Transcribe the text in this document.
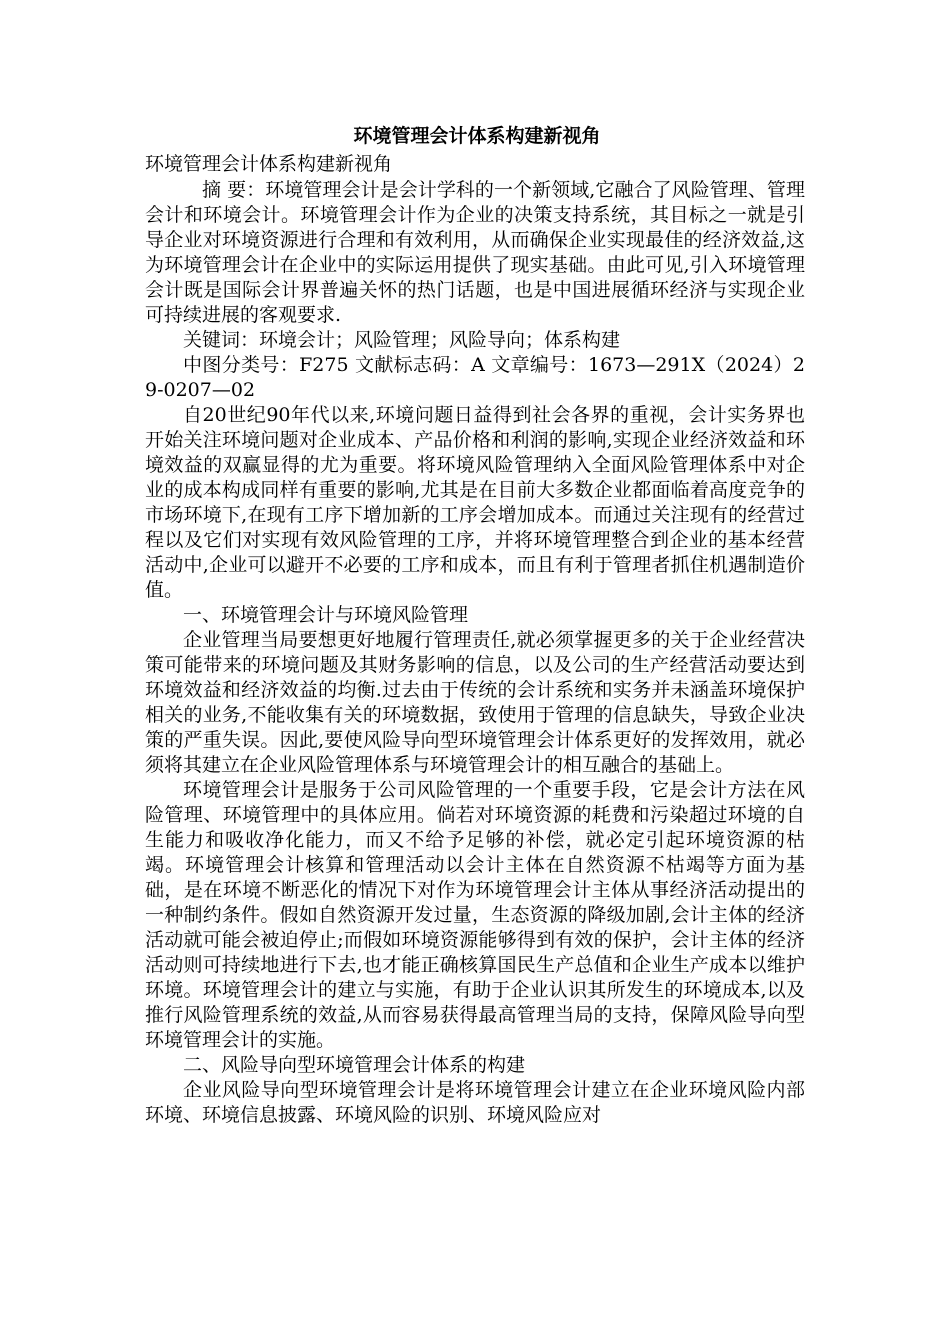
环境管理会计体系构建新视角

环境管理会计体系构建新视角

摘 要：环境管理会计是会计学科的一个新领域,它融合了风险管理、管理会计和环境会计。环境管理会计作为企业的决策支持系统，其目标之一就是引导企业对环境资源进行合理和有效利用，从而确保企业实现最佳的经济效益,这为环境管理会计在企业中的实际运用提供了现实基础。由此可见,引入环境管理会计既是国际会计界普遍关怀的热门话题，也是中国进展循环经济与实现企业可持续进展的客观要求.

关键词：环境会计；风险管理；风险导向；体系构建

中图分类号：F275 文献标志码：A 文章编号：1673—291X（2024）29-0207—02

自20世纪90年代以来,环境问题日益得到社会各界的重视，会计实务界也开始关注环境问题对企业成本、产品价格和利润的影响,实现企业经济效益和环境效益的双赢显得的尤为重要。将环境风险管理纳入全面风险管理体系中对企业的成本构成同样有重要的影响,尤其是在目前大多数企业都面临着高度竞争的市场环境下,在现有工序下增加新的工序会增加成本。而通过关注现有的经营过程以及它们对实现有效风险管理的工序，并将环境管理整合到企业的基本经营活动中,企业可以避开不必要的工序和成本，而且有利于管理者抓住机遇制造价值。

一、环境管理会计与环境风险管理

企业管理当局要想更好地履行管理责任,就必须掌握更多的关于企业经营决策可能带来的环境问题及其财务影响的信息，以及公司的生产经营活动要达到环境效益和经济效益的均衡.过去由于传统的会计系统和实务并未涵盖环境保护相关的业务,不能收集有关的环境数据，致使用于管理的信息缺失，导致企业决策的严重失误。因此,要使风险导向型环境管理会计体系更好的发挥效用，就必须将其建立在企业风险管理体系与环境管理会计的相互融合的基础上。

环境管理会计是服务于公司风险管理的一个重要手段，它是会计方法在风险管理、环境管理中的具体应用。倘若对环境资源的耗费和污染超过环境的自生能力和吸收净化能力，而又不给予足够的补偿，就必定引起环境资源的枯竭。环境管理会计核算和管理活动以会计主体在自然资源不枯竭等方面为基础，是在环境不断恶化的情况下对作为环境管理会计主体从事经济活动提出的一种制约条件。假如自然资源开发过量，生态资源的降级加剧,会计主体的经济活动就可能会被迫停止;而假如环境资源能够得到有效的保护，会计主体的经济活动则可持续地进行下去,也才能正确核算国民生产总值和企业生产成本以维护环境。环境管理会计的建立与实施，有助于企业认识其所发生的环境成本,以及推行风险管理系统的效益,从而容易获得最高管理当局的支持，保障风险导向型环境管理会计的实施。

二、风险导向型环境管理会计体系的构建

企业风险导向型环境管理会计是将环境管理会计建立在企业环境风险内部环境、环境信息披露、环境风险的识别、环境风险应对
